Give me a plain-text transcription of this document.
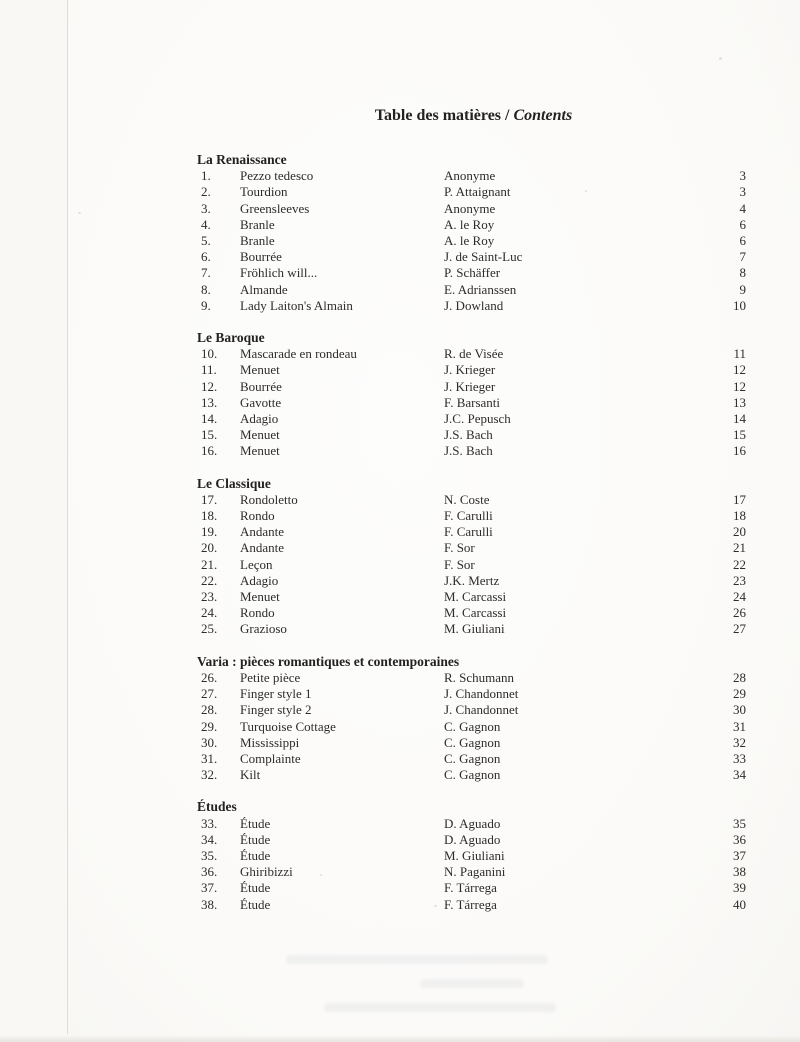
Table des matières / Contents
La Renaissance
1.	Pezzo tedesco	Anonyme	3
2.	Tourdion	P. Attaignant	3
3.	Greensleeves	Anonyme	4
4.	Branle	A. le Roy	6
5.	Branle	A. le Roy	6
6.	Bourrée	J. de Saint-Luc	7
7.	Fröhlich will...	P. Schäffer	8
8.	Almande	E. Adrianssen	9
9.	Lady Laiton's Almain	J. Dowland	10
Le Baroque
10.	Mascarade en rondeau	R. de Visée	11
11.	Menuet	J. Krieger	12
12.	Bourrée	J. Krieger	12
13.	Gavotte	F. Barsanti	13
14.	Adagio	J.C. Pepusch	14
15.	Menuet	J.S. Bach	15
16.	Menuet	J.S. Bach	16
Le Classique
17.	Rondoletto	N. Coste	17
18.	Rondo	F. Carulli	18
19.	Andante	F. Carulli	20
20.	Andante	F. Sor	21
21.	Leçon	F. Sor	22
22.	Adagio	J.K. Mertz	23
23.	Menuet	M. Carcassi	24
24.	Rondo	M. Carcassi	26
25.	Grazioso	M. Giuliani	27
Varia : pièces romantiques et contemporaines
26.	Petite pièce	R. Schumann	28
27.	Finger style 1	J. Chandonnet	29
28.	Finger style 2	J. Chandonnet	30
29.	Turquoise Cottage	C. Gagnon	31
30.	Mississippi	C. Gagnon	32
31.	Complainte	C. Gagnon	33
32.	Kilt	C. Gagnon	34
Études
33.	Étude	D. Aguado	35
34.	Étude	D. Aguado	36
35.	Étude	M. Giuliani	37
36.	Ghiribizzi	N. Paganini	38
37.	Étude	F. Tárrega	39
38.	Étude	F. Tárrega	40
